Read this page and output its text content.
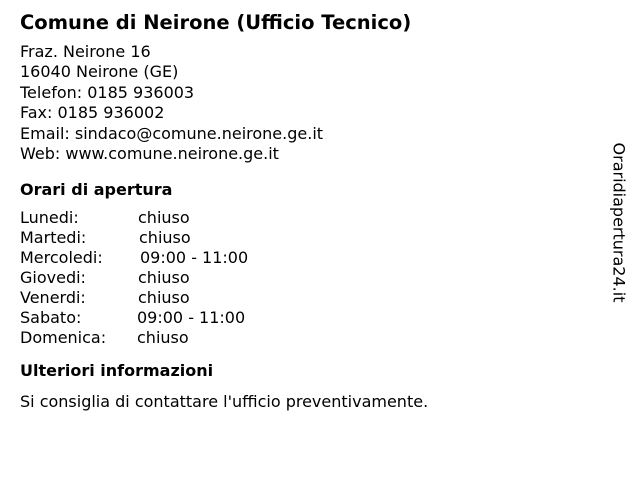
Comune di Neirone (Ufficio Tecnico)
Fraz. Neirone 16
16040 Neirone (GE)
Telefon: 0185 936003
Fax: 0185 936002
Email: sindaco@comune.neirone.ge.it
Web: www.comune.neirone.ge.it
Orari di apertura
Lunedi:	chiuso
Martedi:	chiuso
Mercoledi:	09:00 - 11:00
Giovedi:	chiuso
Venerdi:	chiuso
Sabato:	09:00 - 11:00
Domenica:	chiuso
Ulteriori informazioni
Si consiglia di contattare l'ufficio preventivamente.
Oraridiapertura24.it
